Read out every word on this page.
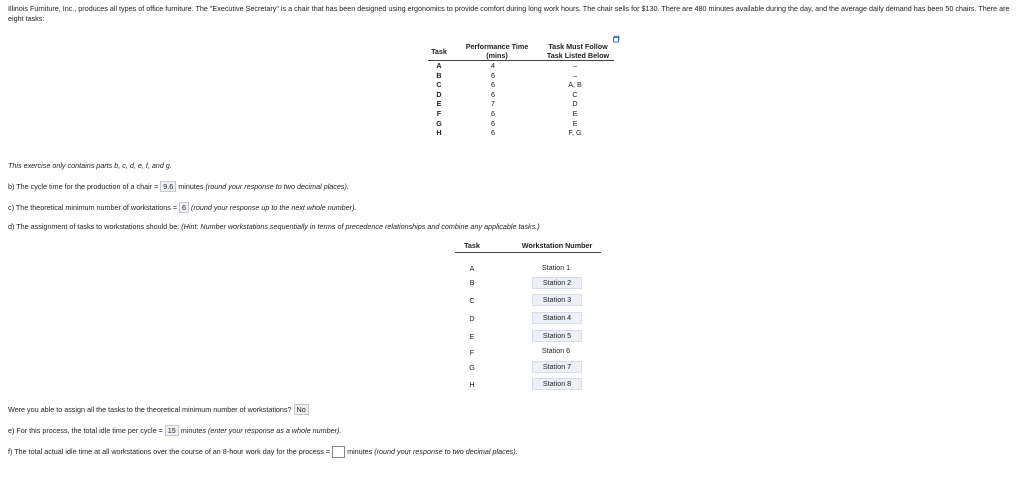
Illinois Furniture, Inc., produces all types of office furniture. The "Executive Secretary" is a chair that has been designed using ergonomics to provide comfort during long work hours. The chair sells for $130. There are 480 minutes available during the day, and the average daily demand has been 50 chairs. There are eight tasks:
Task	Performance Time (mins)	Task Must Follow Task Listed Below
A	4	–
B	6	–
C	6	A, B
D	6	C
E	7	D
F	6	E
G	6	E
H	6	F, G
This exercise only contains parts b, c, d, e, f, and g.
b) The cycle time for the production of a chair = 9.6 minutes (round your response to two decimal places).
c) The theoretical minimum number of workstations = 6 (round your response up to the next whole number).
d) The assignment of tasks to workstations should be: (Hint: Number workstations sequentially in terms of precedence relationships and combine any applicable tasks.)
Task	Workstation Number
A	Station 1
B	Station 2
C	Station 3
D	Station 4
E	Station 5
F	Station 6
G	Station 7
H	Station 8
Were you able to assign all the tasks to the theoretical minimum number of workstations? No
e) For this process, the total idle time per cycle = 15 minutes (enter your response as a whole number).
f) The total actual idle time at all workstations over the course of an 8-hour work day for the process = minutes (round your response to two decimal places).
